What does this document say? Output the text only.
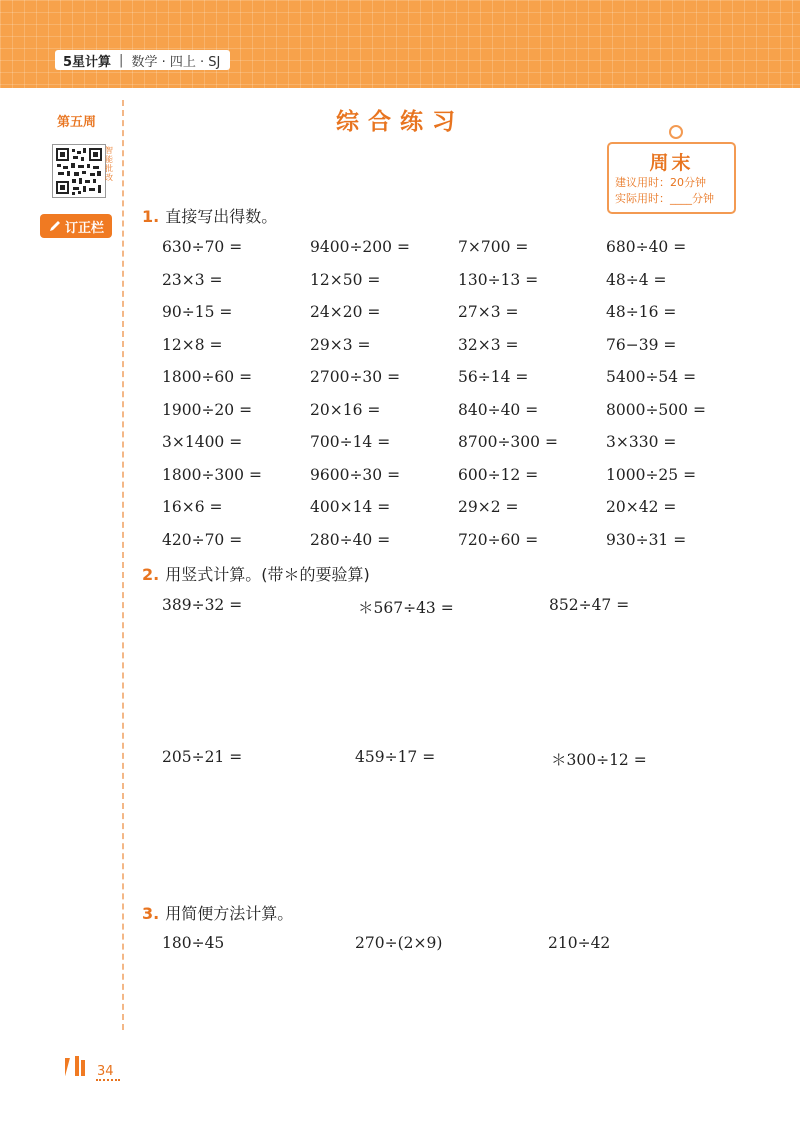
5星计算 | 数学 · 四上 · SJ
第五周
智能批改
订正栏
综合练习
周末
建议用时：20分钟
实际用时：____分钟
1. 直接写出得数。
630÷70 =	9400÷200 =	7×700 =	680÷40 =
23×3 =	12×50 =	130÷13 =	48÷4 =
90÷15 =	24×20 =	27×3 =	48÷16 =
12×8 =	29×3 =	32×3 =	76−39 =
1800÷60 =	2700÷30 =	56÷14 =	5400÷54 =
1900÷20 =	20×16 =	840÷40 =	8000÷500 =
3×1400 =	700÷14 =	8700÷300 =	3×330 =
1800÷300 =	9600÷30 =	600÷12 =	1000÷25 =
16×6 =	400×14 =	29×2 =	20×42 =
420÷70 =	280÷40 =	720÷60 =	930÷31 =
2. 用竖式计算。(带＊的要验算)
389÷32 =	＊567÷43 =	852÷47 =
205÷21 =	459÷17 =	＊300÷12 =
3. 用简便方法计算。
180÷45	270÷(2×9)	210÷42
34
